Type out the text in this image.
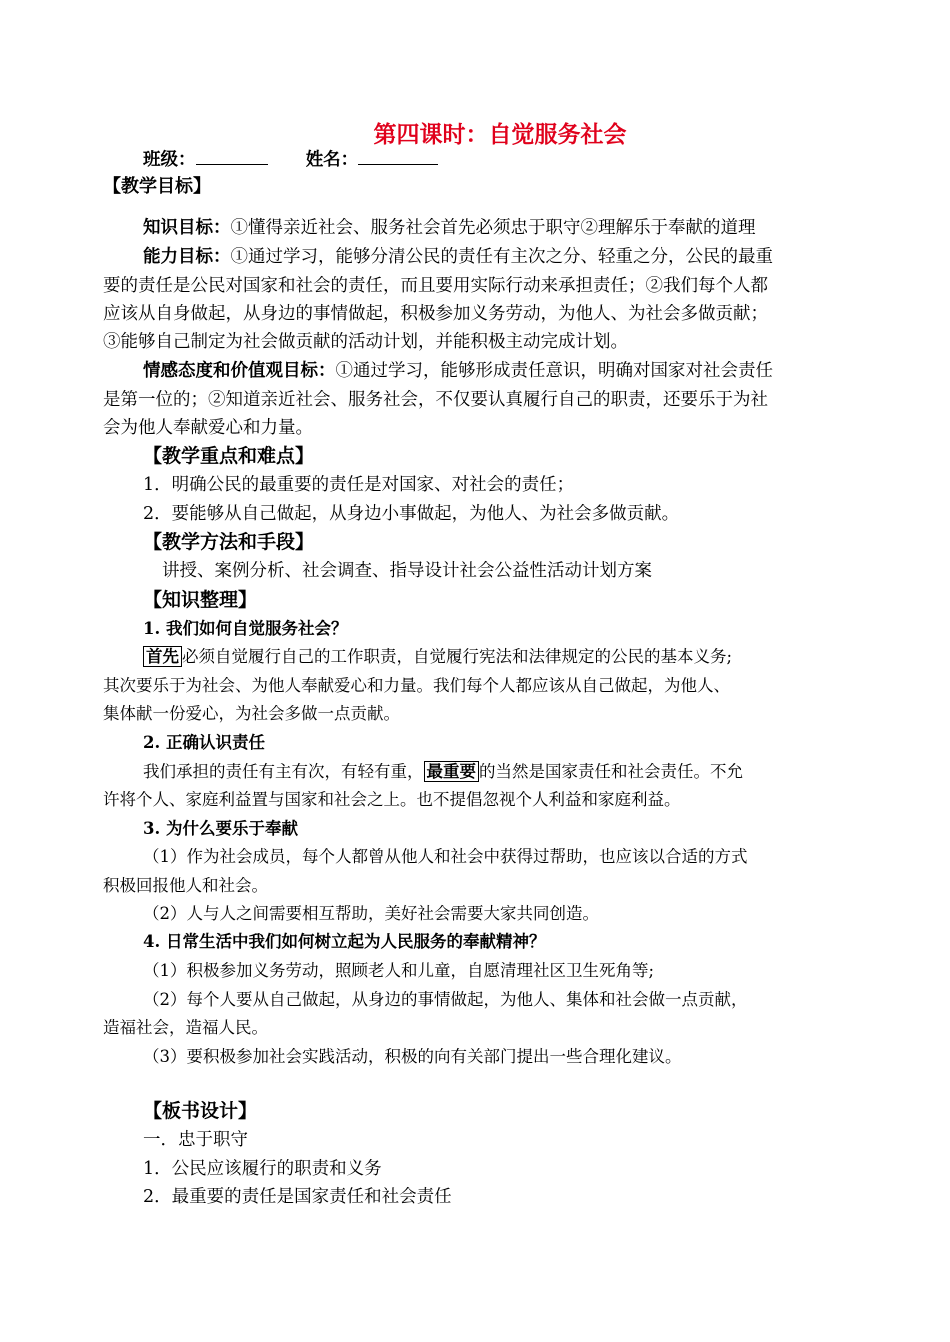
第四课时：自觉服务社会
班级：	姓名：
【教学目标】
知识目标：①懂得亲近社会、服务社会首先必须忠于职守②理解乐于奉献的道理
能力目标：①通过学习，能够分清公民的责任有主次之分、轻重之分，公民的最重
要的责任是公民对国家和社会的责任，而且要用实际行动来承担责任；②我们每个人都
应该从自身做起，从身边的事情做起，积极参加义务劳动，为他人、为社会多做贡献；
③能够自己制定为社会做贡献的活动计划，并能积极主动完成计划。
情感态度和价值观目标：①通过学习，能够形成责任意识，明确对国家对社会责任
是第一位的；②知道亲近社会、服务社会，不仅要认真履行自己的职责，还要乐于为社
会为他人奉献爱心和力量。
【教学重点和难点】
1．明确公民的最重要的责任是对国家、对社会的责任；
2．要能够从自己做起，从身边小事做起，为他人、为社会多做贡献。
【教学方法和手段】
讲授、案例分析、社会调查、指导设计社会公益性活动计划方案
【知识整理】
1. 我们如何自觉服务社会？
首先 必须自觉履行自己的工作职责，自觉履行宪法和法律规定的公民的基本义务;
其次要乐于为社会、为他人奉献爱心和力量。我们每个人都应该从自己做起，为他人、
集体献一份爱心，为社会多做一点贡献。
2. 正确认识责任
我们承担的责任有主有次，有轻有重， 最重要 的当然是国家责任和社会责任。不允
许将个人、家庭利益置与国家和社会之上。也不提倡忽视个人利益和家庭利益。
3. 为什么要乐于奉献
（1）作为社会成员，每个人都曾从他人和社会中获得过帮助，也应该以合适的方式
积极回报他人和社会。
（2）人与人之间需要相互帮助，美好社会需要大家共同创造。
4. 日常生活中我们如何树立起为人民服务的奉献精神？
（1）积极参加义务劳动，照顾老人和儿童，自愿清理社区卫生死角等;
（2）每个人要从自己做起，从身边的事情做起，为他人、集体和社会做一点贡献，
造福社会，造福人民。
（3）要积极参加社会实践活动，积极的向有关部门提出一些合理化建议。
【板书设计】
一．忠于职守
1．公民应该履行的职责和义务
2．最重要的责任是国家责任和社会责任
